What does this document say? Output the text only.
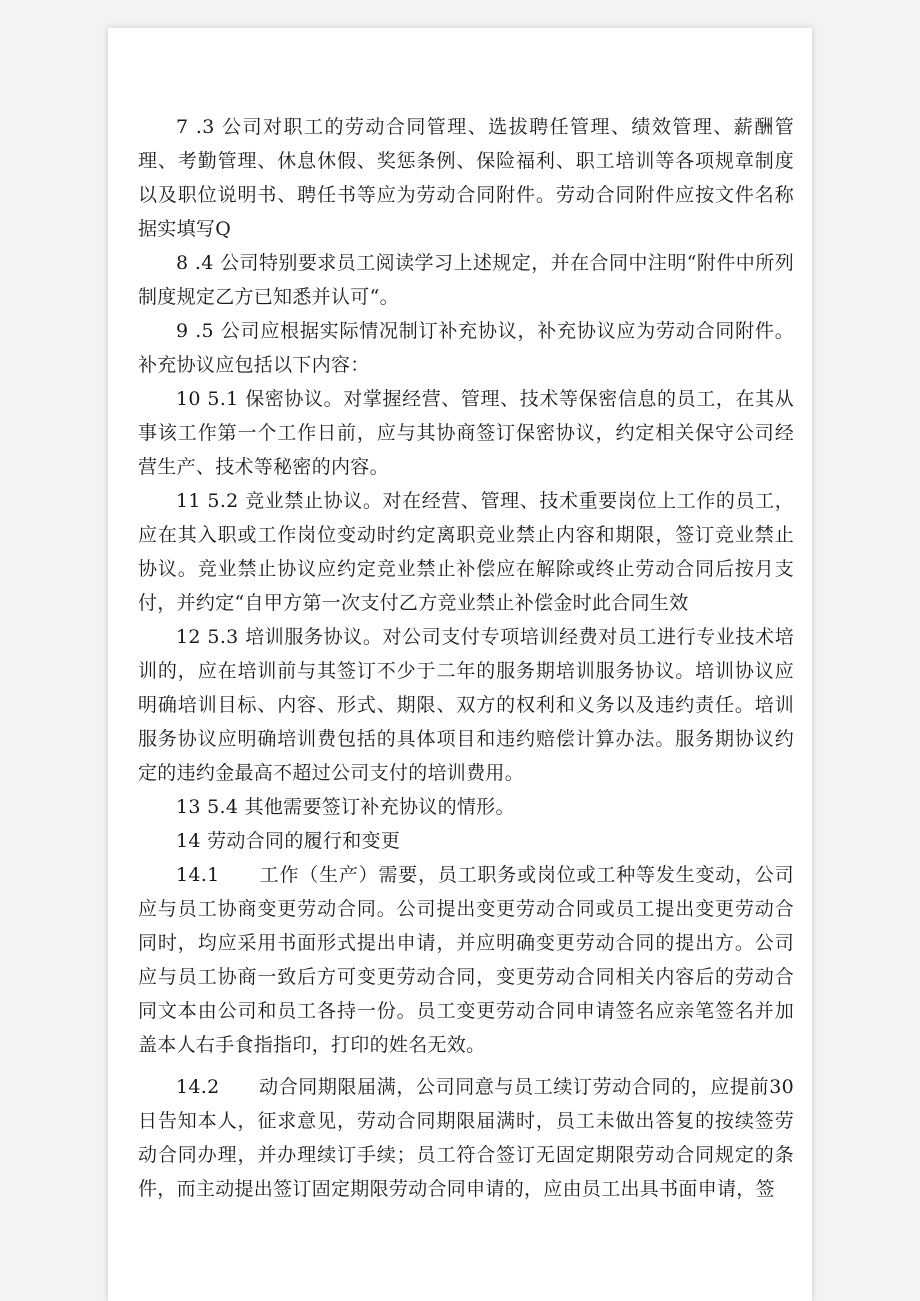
7 .3 公司对职工的劳动合同管理、选拔聘任管理、绩效管理、薪酬管理、考勤管理、休息休假、奖惩条例、保险福利、职工培训等各项规章制度以及职位说明书、聘任书等应为劳动合同附件。劳动合同附件应按文件名称据实填写Q

8 .4 公司特别要求员工阅读学习上述规定，并在合同中注明“附件中所列制度规定乙方已知悉并认可“。

9 .5 公司应根据实际情况制订补充协议，补充协议应为劳动合同附件。补充协议应包括以下内容：

10 5.1 保密协议。对掌握经营、管理、技术等保密信息的员工，在其从事该工作第一个工作日前，应与其协商签订保密协议，约定相关保守公司经营生产、技术等秘密的内容。

11 5.2 竞业禁止协议。对在经营、管理、技术重要岗位上工作的员工，应在其入职或工作岗位变动时约定离职竞业禁止内容和期限，签订竞业禁止协议。竞业禁止协议应约定竞业禁止补偿应在解除或终止劳动合同后按月支付，并约定“自甲方第一次支付乙方竞业禁止补偿金时此合同生效

12 5.3 培训服务协议。对公司支付专项培训经费对员工进行专业技术培训的，应在培训前与其签订不少于二年的服务期培训服务协议。培训协议应明确培训目标、内容、形式、期限、双方的权利和义务以及违约责任。培训服务协议应明确培训费包括的具体项目和违约赔偿计算办法。服务期协议约定的违约金最高不超过公司支付的培训费用。

13 5.4 其他需要签订补充协议的情形。

14 劳动合同的履行和变更

14.1　　工作（生产）需要，员工职务或岗位或工种等发生变动，公司应与员工协商变更劳动合同。公司提出变更劳动合同或员工提出变更劳动合同时，均应采用书面形式提出申请，并应明确变更劳动合同的提出方。公司应与员工协商一致后方可变更劳动合同，变更劳动合同相关内容后的劳动合同文本由公司和员工各持一份。员工变更劳动合同申请签名应亲笔签名并加盖本人右手食指指印，打印的姓名无效。

14.2　　动合同期限届满，公司同意与员工续订劳动合同的，应提前30日告知本人，征求意见，劳动合同期限届满时，员工未做出答复的按续签劳动合同办理，并办理续订手续；员工符合签订无固定期限劳动合同规定的条件，而主动提出签订固定期限劳动合同申请的，应由员工出具书面申请，签
